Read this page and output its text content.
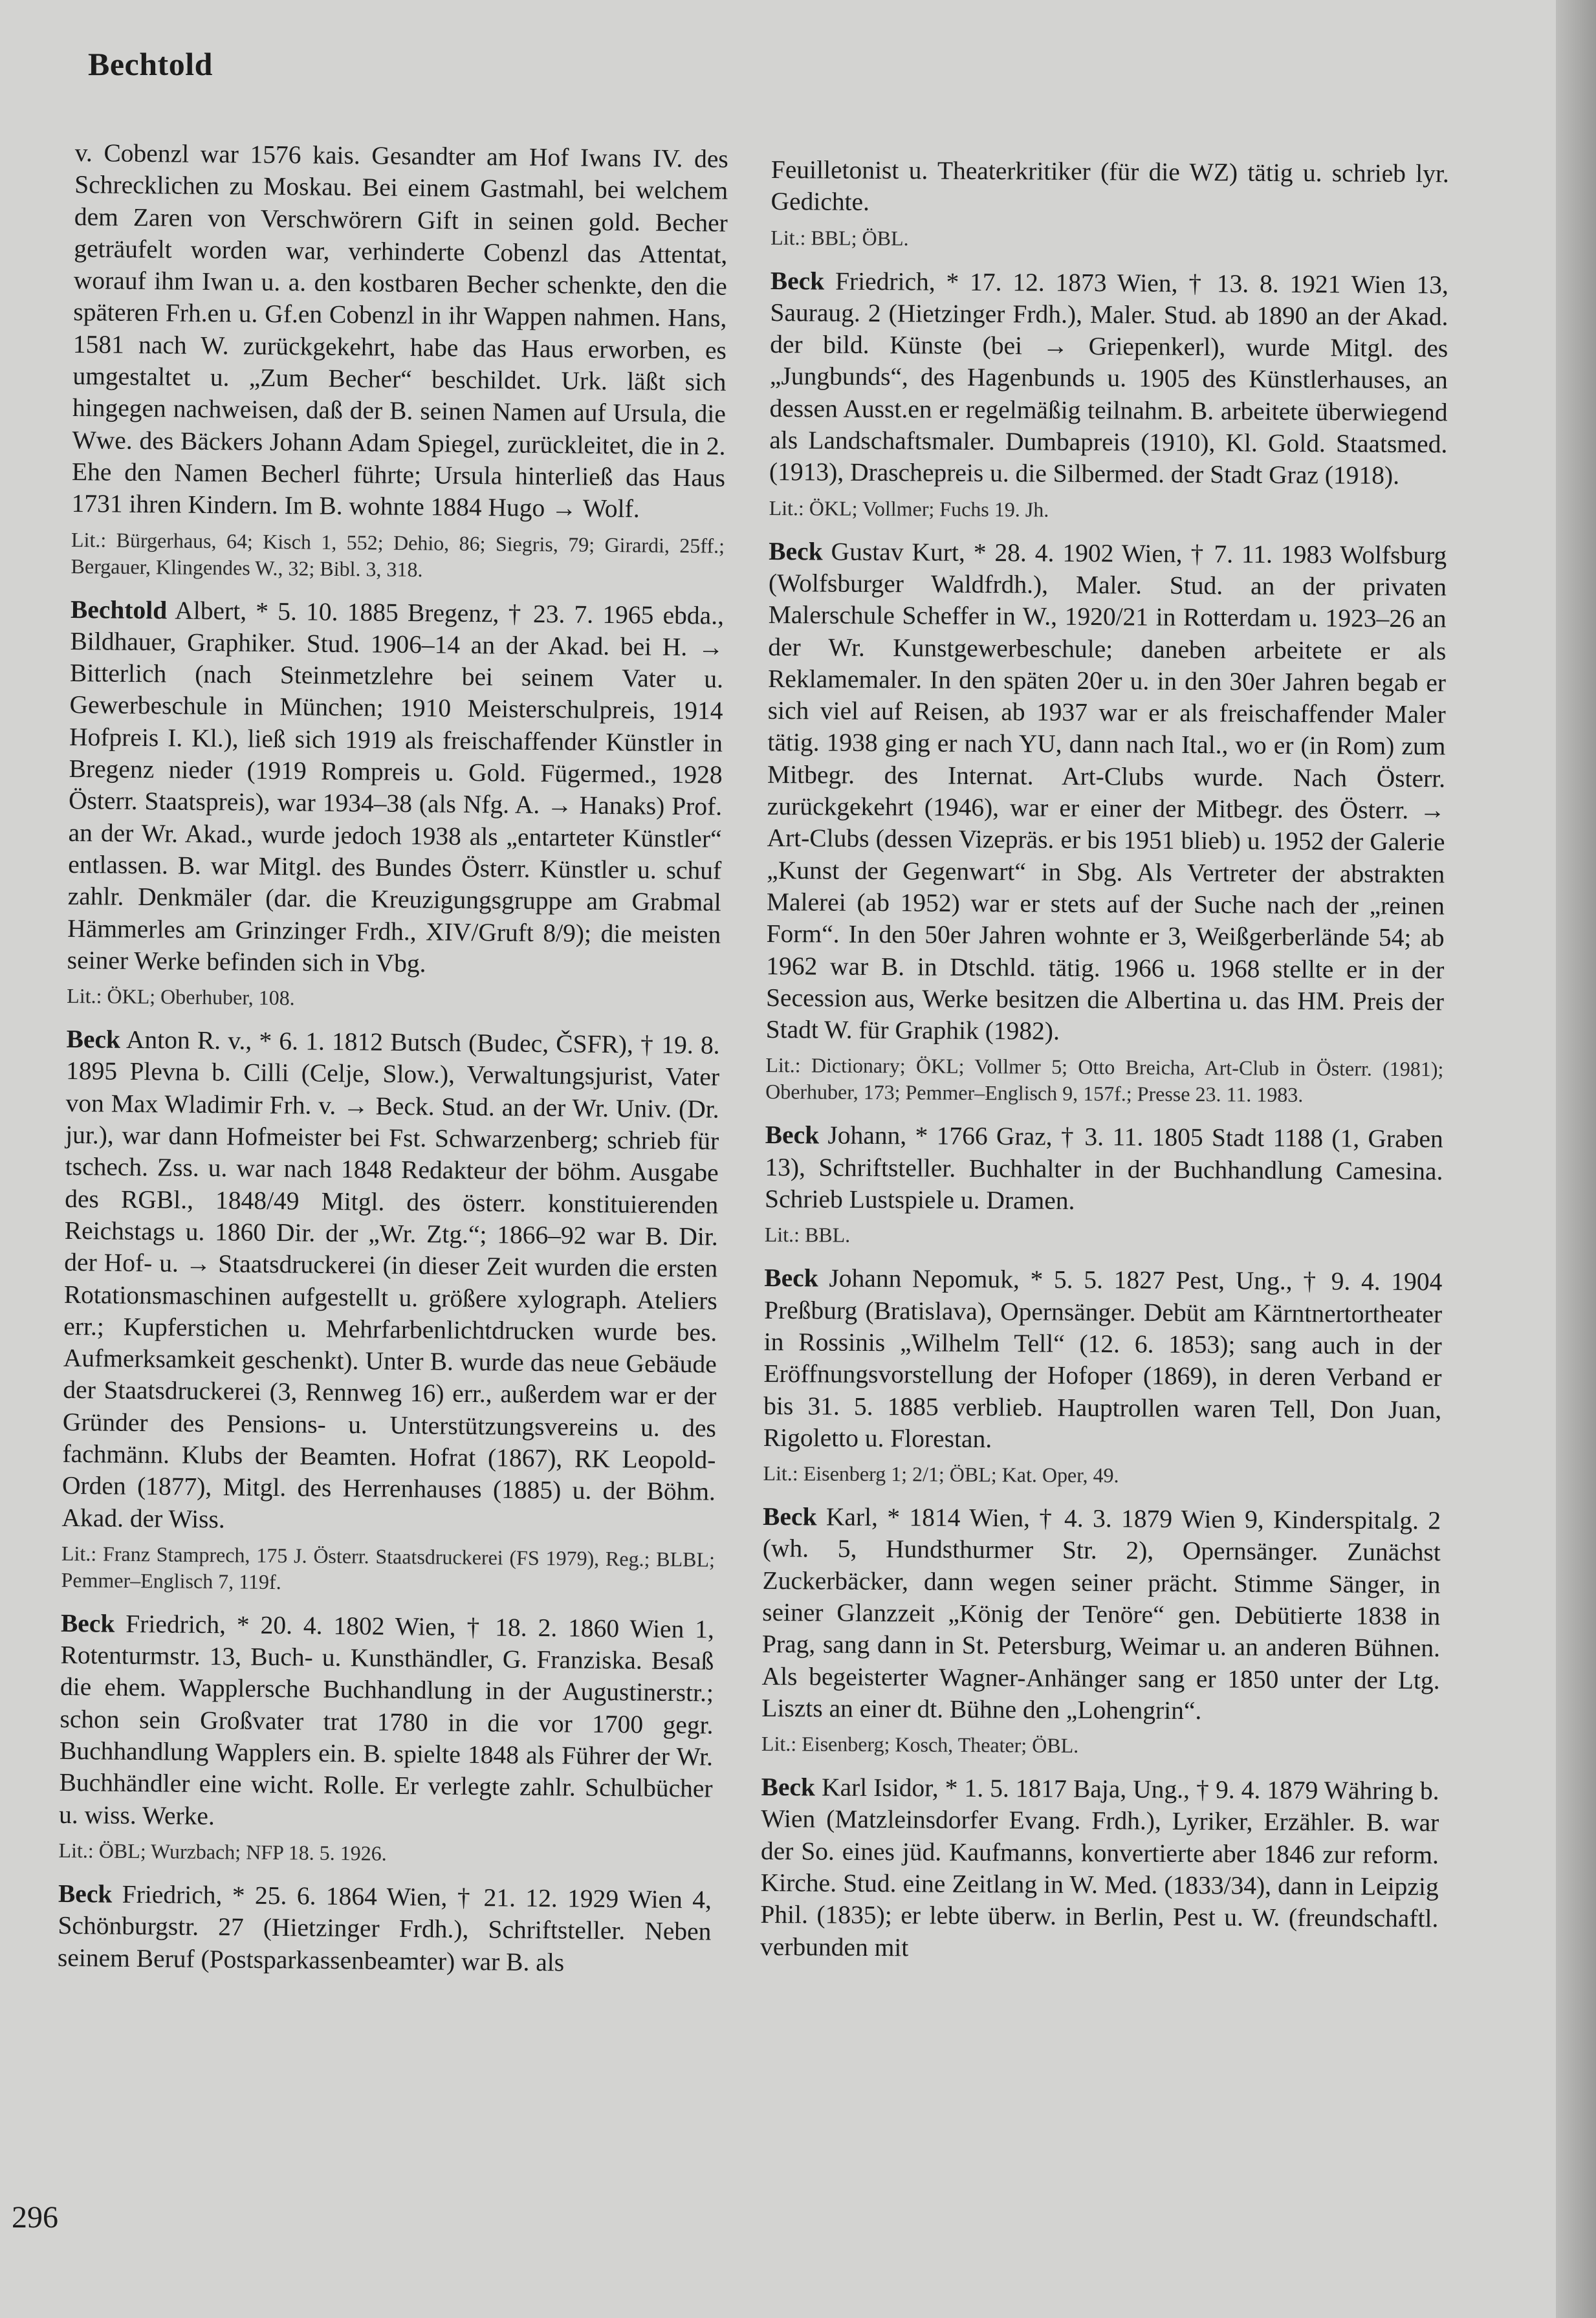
Bechtold

v. Cobenzl war 1576 kais. Gesandter am Hof Iwans IV. des Schrecklichen zu Moskau. Bei einem Gastmahl, bei welchem dem Zaren von Verschwörern Gift in seinen gold. Becher geträufelt worden war, verhinderte Cobenzl das Attentat, worauf ihm Iwan u. a. den kostbaren Becher schenkte, den die späteren Frh.en u. Gf.en Cobenzl in ihr Wappen nahmen. Hans, 1581 nach W. zurückgekehrt, habe das Haus erworben, es umgestaltet u. „Zum Becher“ beschildet. Urk. läßt sich hingegen nachweisen, daß der B. seinen Namen auf Ursula, die Wwe. des Bäckers Johann Adam Spiegel, zurückleitet, die in 2. Ehe den Namen Becherl führte; Ursula hinterließ das Haus 1731 ihren Kindern. Im B. wohnte 1884 Hugo → Wolf.

Lit.: Bürgerhaus, 64; Kisch 1, 552; Dehio, 86; Siegris, 79; Girardi, 25ff.; Bergauer, Klingendes W., 32; Bibl. 3, 318.

Bechtold Albert, * 5. 10. 1885 Bregenz, † 23. 7. 1965 ebda., Bildhauer, Graphiker. Stud. 1906–14 an der Akad. bei H. → Bitterlich (nach Steinmetzlehre bei seinem Vater u. Gewerbeschule in München; 1910 Meisterschulpreis, 1914 Hofpreis I. Kl.), ließ sich 1919 als freischaffender Künstler in Bregenz nieder (1919 Rompreis u. Gold. Fügermed., 1928 Österr. Staatspreis), war 1934–38 (als Nfg. A. → Hanaks) Prof. an der Wr. Akad., wurde jedoch 1938 als „entarteter Künstler“ entlassen. B. war Mitgl. des Bundes Österr. Künstler u. schuf zahlr. Denkmäler (dar. die Kreuzigungsgruppe am Grabmal Hämmerles am Grinzinger Frdh., XIV/Gruft 8/9); die meisten seiner Werke befinden sich in Vbg.

Lit.: ÖKL; Oberhuber, 108.

Beck Anton R. v., * 6. 1. 1812 Butsch (Budec, ČSFR), † 19. 8. 1895 Plevna b. Cilli (Celje, Slow.), Verwaltungsjurist, Vater von Max Wladimir Frh. v. → Beck. Stud. an der Wr. Univ. (Dr. jur.), war dann Hofmeister bei Fst. Schwarzenberg; schrieb für tschech. Zss. u. war nach 1848 Redakteur der böhm. Ausgabe des RGBl., 1848/49 Mitgl. des österr. konstituierenden Reichstags u. 1860 Dir. der „Wr. Ztg.“; 1866–92 war B. Dir. der Hof- u. → Staatsdruckerei (in dieser Zeit wurden die ersten Rotationsmaschinen aufgestellt u. größere xylograph. Ateliers err.; Kupferstichen u. Mehrfarbenlichtdrucken wurde bes. Aufmerksamkeit geschenkt). Unter B. wurde das neue Gebäude der Staatsdruckerei (3, Rennweg 16) err., außerdem war er der Gründer des Pensions- u. Unterstützungsvereins u. des fachmänn. Klubs der Beamten. Hofrat (1867), RK Leopold-Orden (1877), Mitgl. des Herrenhauses (1885) u. der Böhm. Akad. der Wiss.

Lit.: Franz Stamprech, 175 J. Österr. Staatsdruckerei (FS 1979), Reg.; BLBL; Pemmer–Englisch 7, 119f.

Beck Friedrich, * 20. 4. 1802 Wien, † 18. 2. 1860 Wien 1, Rotenturmstr. 13, Buch- u. Kunsthändler, G. Franziska. Besaß die ehem. Wapplersche Buchhandlung in der Augustinerstr.; schon sein Großvater trat 1780 in die vor 1700 gegr. Buchhandlung Wapplers ein. B. spielte 1848 als Führer der Wr. Buchhändler eine wicht. Rolle. Er verlegte zahlr. Schulbücher u. wiss. Werke.

Lit.: ÖBL; Wurzbach; NFP 18. 5. 1926.

Beck Friedrich, * 25. 6. 1864 Wien, † 21. 12. 1929 Wien 4, Schönburgstr. 27 (Hietzinger Frdh.), Schriftsteller. Neben seinem Beruf (Postsparkassenbeamter) war B. als

Feuilletonist u. Theaterkritiker (für die WZ) tätig u. schrieb lyr. Gedichte.

Lit.: BBL; ÖBL.

Beck Friedrich, * 17. 12. 1873 Wien, † 13. 8. 1921 Wien 13, Sauraug. 2 (Hietzinger Frdh.), Maler. Stud. ab 1890 an der Akad. der bild. Künste (bei → Griepenkerl), wurde Mitgl. des „Jungbunds“, des Hagenbunds u. 1905 des Künstlerhauses, an dessen Ausst.en er regelmäßig teilnahm. B. arbeitete überwiegend als Landschaftsmaler. Dumbapreis (1910), Kl. Gold. Staatsmed. (1913), Draschepreis u. die Silbermed. der Stadt Graz (1918).

Lit.: ÖKL; Vollmer; Fuchs 19. Jh.

Beck Gustav Kurt, * 28. 4. 1902 Wien, † 7. 11. 1983 Wolfsburg (Wolfsburger Waldfrdh.), Maler. Stud. an der privaten Malerschule Scheffer in W., 1920/21 in Rotterdam u. 1923–26 an der Wr. Kunstgewerbeschule; daneben arbeitete er als Reklamemaler. In den späten 20er u. in den 30er Jahren begab er sich viel auf Reisen, ab 1937 war er als freischaffender Maler tätig. 1938 ging er nach YU, dann nach Ital., wo er (in Rom) zum Mitbegr. des Internat. Art-Clubs wurde. Nach Österr. zurückgekehrt (1946), war er einer der Mitbegr. des Österr. → Art-Clubs (dessen Vizepräs. er bis 1951 blieb) u. 1952 der Galerie „Kunst der Gegenwart“ in Sbg. Als Vertreter der abstrakten Malerei (ab 1952) war er stets auf der Suche nach der „reinen Form“. In den 50er Jahren wohnte er 3, Weißgerberlände 54; ab 1962 war B. in Dtschld. tätig. 1966 u. 1968 stellte er in der Secession aus, Werke besitzen die Albertina u. das HM. Preis der Stadt W. für Graphik (1982).

Lit.: Dictionary; ÖKL; Vollmer 5; Otto Breicha, Art-Club in Österr. (1981); Oberhuber, 173; Pemmer–Englisch 9, 157f.; Presse 23. 11. 1983.

Beck Johann, * 1766 Graz, † 3. 11. 1805 Stadt 1188 (1, Graben 13), Schriftsteller. Buchhalter in der Buchhandlung Camesina. Schrieb Lustspiele u. Dramen.

Lit.: BBL.

Beck Johann Nepomuk, * 5. 5. 1827 Pest, Ung., † 9. 4. 1904 Preßburg (Bratislava), Opernsänger. Debüt am Kärntnertortheater in Rossinis „Wilhelm Tell“ (12. 6. 1853); sang auch in der Eröffnungsvorstellung der Hofoper (1869), in deren Verband er bis 31. 5. 1885 verblieb. Hauptrollen waren Tell, Don Juan, Rigoletto u. Florestan.

Lit.: Eisenberg 1; 2/1; ÖBL; Kat. Oper, 49.

Beck Karl, * 1814 Wien, † 4. 3. 1879 Wien 9, Kinderspitalg. 2 (wh. 5, Hundsthurmer Str. 2), Opernsänger. Zunächst Zuckerbäcker, dann wegen seiner prächt. Stimme Sänger, in seiner Glanzzeit „König der Tenöre“ gen. Debütierte 1838 in Prag, sang dann in St. Petersburg, Weimar u. an anderen Bühnen. Als begeisterter Wagner-Anhänger sang er 1850 unter der Ltg. Liszts an einer dt. Bühne den „Lohengrin“.

Lit.: Eisenberg; Kosch, Theater; ÖBL.

Beck Karl Isidor, * 1. 5. 1817 Baja, Ung., † 9. 4. 1879 Währing b. Wien (Matzleinsdorfer Evang. Frdh.), Lyriker, Erzähler. B. war der So. eines jüd. Kaufmanns, konvertierte aber 1846 zur reform. Kirche. Stud. eine Zeitlang in W. Med. (1833/34), dann in Leipzig Phil. (1835); er lebte überw. in Berlin, Pest u. W. (freundschaftl. verbunden mit

296
